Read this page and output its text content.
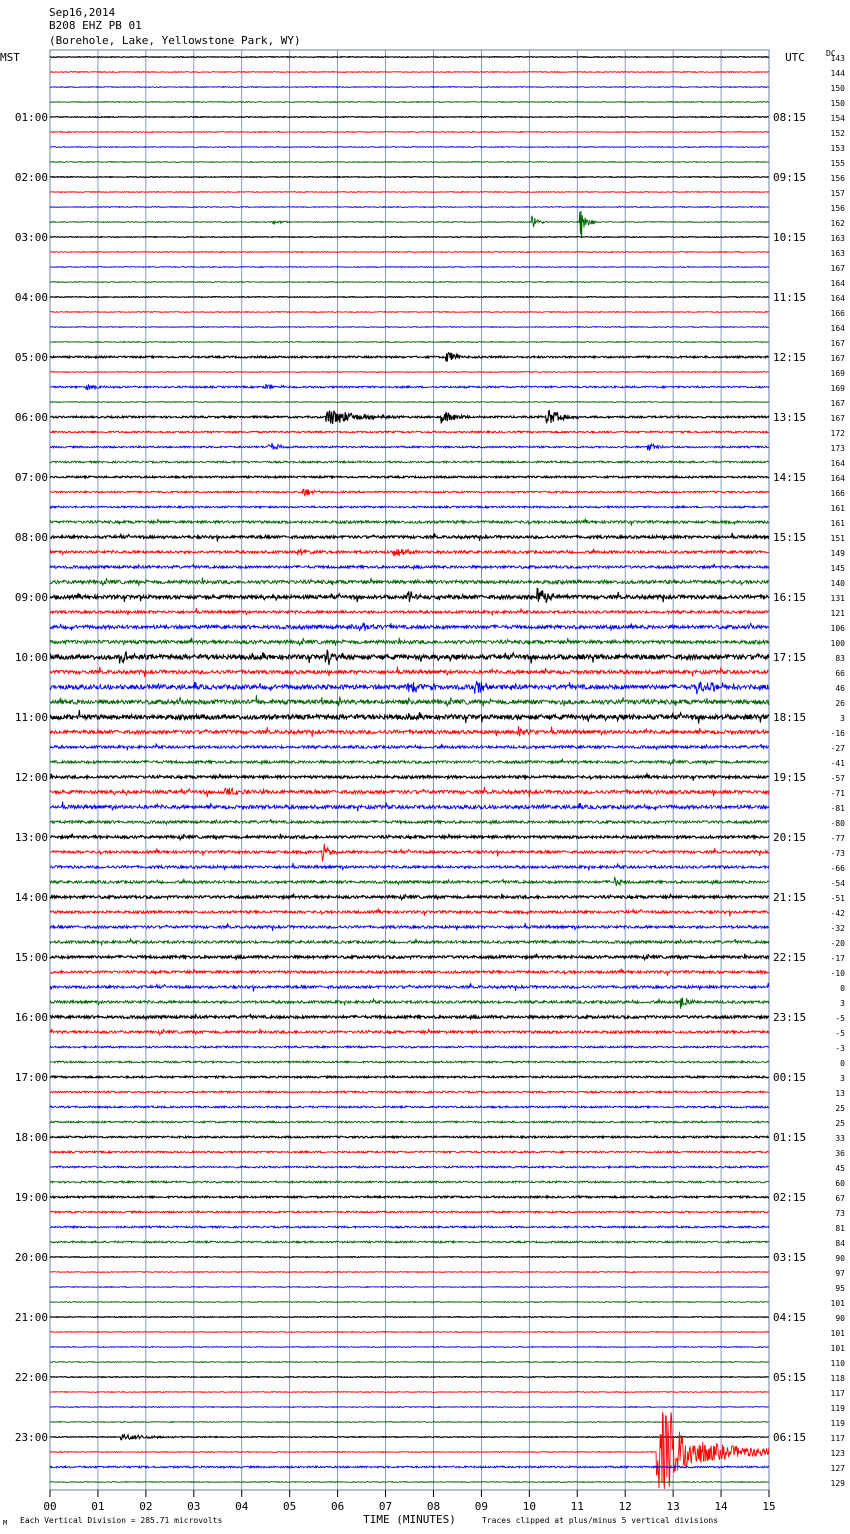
Sep16,2014
B208 EHZ PB 01
(Borehole, Lake, Yellowstone Park, WY)
00	01	02	03	04	05	06	07	08	09	10	11	12	13	14	15
TIME (MINUTES)
MST	UTC	DC
143
144
150
150
154
01:00	08:15
152
153
155
156
02:00	09:15
157
156
162
163
03:00	10:15
163
167
164
164
04:00	11:15
166
164
167
167
05:00	12:15
169
169
167
167
06:00	13:15
172
173
164
164
07:00	14:15
166
161
161
151
08:00	15:15
149
145
140
131
09:00	16:15
121
106
100
83
10:00	17:15
66
46
26
3
11:00	18:15
-16
-27
-41
-57
12:00	19:15
-71
-81
-80
-77
13:00	20:15
-73
-66
-54
-51
14:00	21:15
-42
-32
-20
-17
15:00	22:15
-10
0
3
-5
16:00	23:15
-5
-3
0
3
17:00	00:15
13
25
25
33
18:00	01:15
36
45
60
67
19:00	02:15
73
81
84
90
20:00	03:15
97
95
101
90
21:00	04:15
101
101
110
118
22:00	05:15
117
119
119
117
23:00	06:15
123
127
129
M Each Vertical Division = 285.71 microvolts	Traces clipped at plus/minus 5 vertical divisions
